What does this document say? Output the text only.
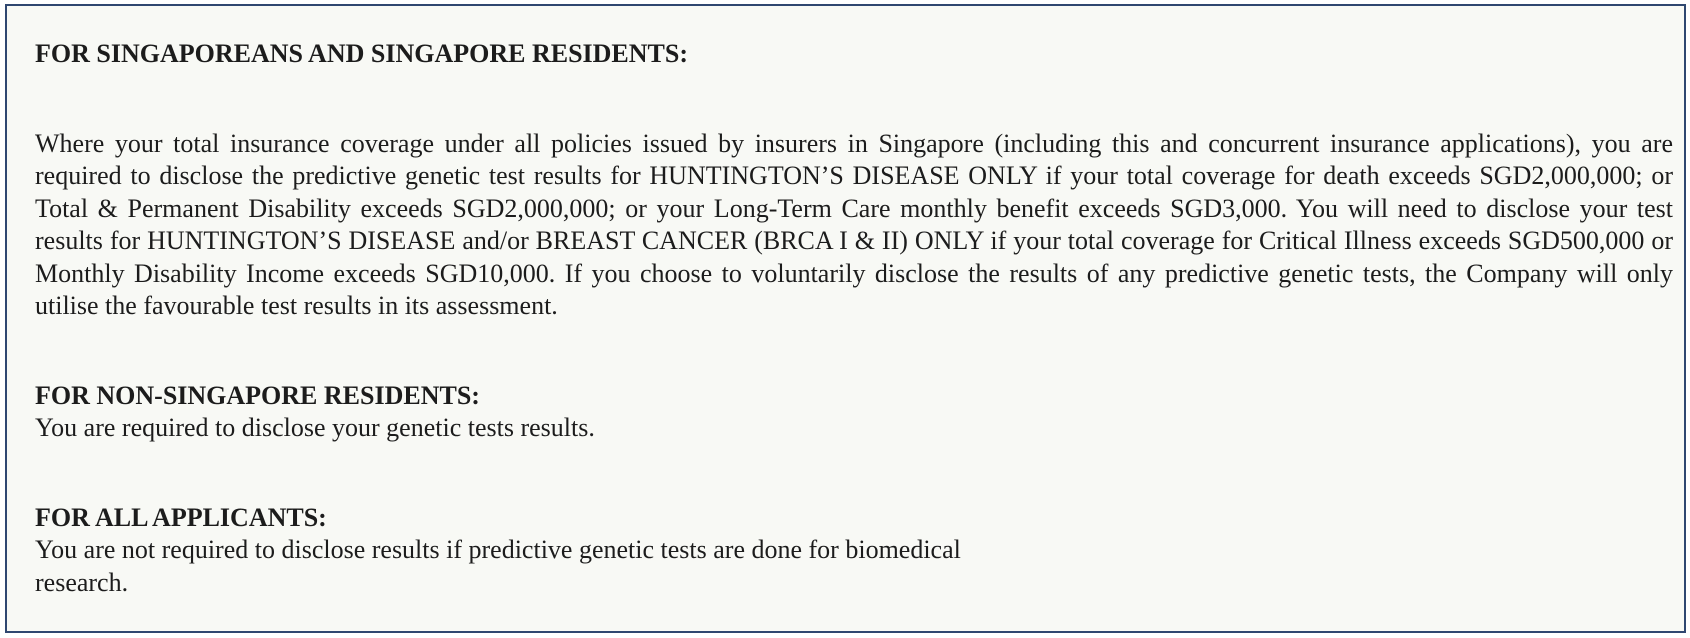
FOR SINGAPOREANS AND SINGAPORE RESIDENTS:

Where your total insurance coverage under all policies issued by insurers in Singapore (including this and concurrent insurance applications), you are required to disclose the predictive genetic test results for HUNTINGTON’S DISEASE ONLY if your total coverage for death exceeds SGD2,000,000; or Total & Permanent Disability exceeds SGD2,000,000; or your Long-Term Care monthly benefit exceeds SGD3,000. You will need to disclose your test results for HUNTINGTON’S DISEASE and/or BREAST CANCER (BRCA I & II) ONLY if your total coverage for Critical Illness exceeds SGD500,000 or Monthly Disability Income exceeds SGD10,000. If you choose to voluntarily disclose the results of any predictive genetic tests, the Company will only utilise the favourable test results in its assessment.

FOR NON-SINGAPORE RESIDENTS:

You are required to disclose your genetic tests results.

FOR ALL APPLICANTS:

You are not required to disclose results if predictive genetic tests are done for biomedical research.
